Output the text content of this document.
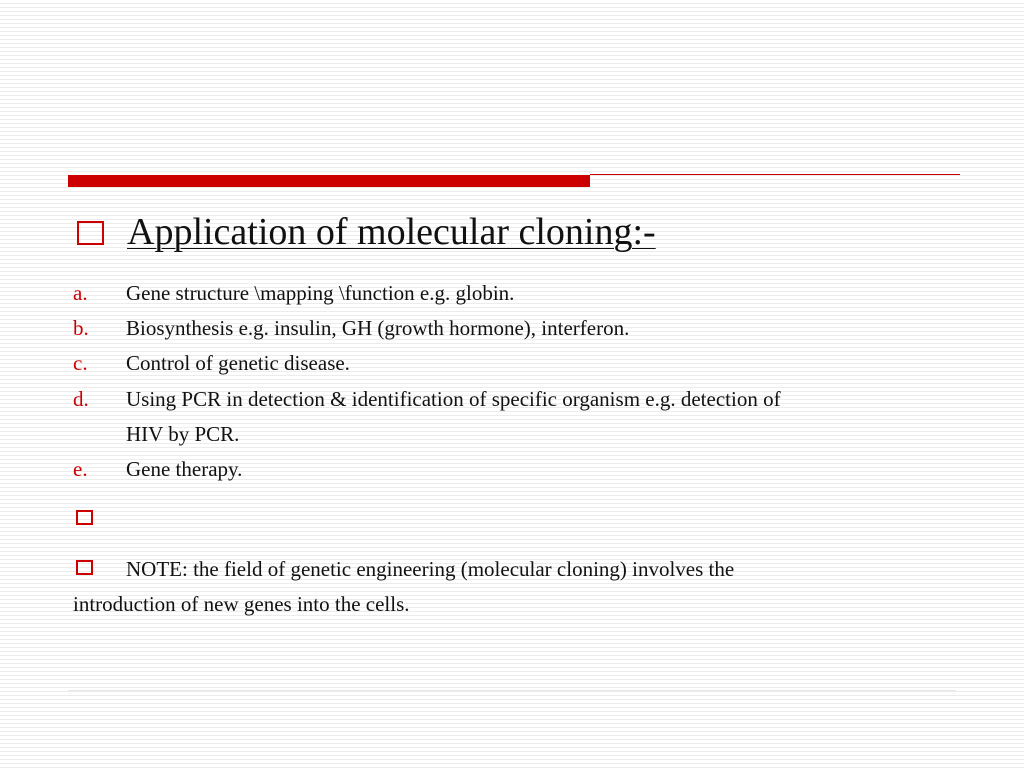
Application of molecular cloning:-
a. Gene structure \mapping \function e.g. globin.
b. Biosynthesis e.g. insulin, GH (growth hormone), interferon.
c. Control of genetic disease.
d. Using PCR in detection & identification of specific organism e.g. detection of
HIV by PCR.
e. Gene therapy.
NOTE: the field of genetic engineering (molecular cloning) involves the
introduction of new genes into the cells.
